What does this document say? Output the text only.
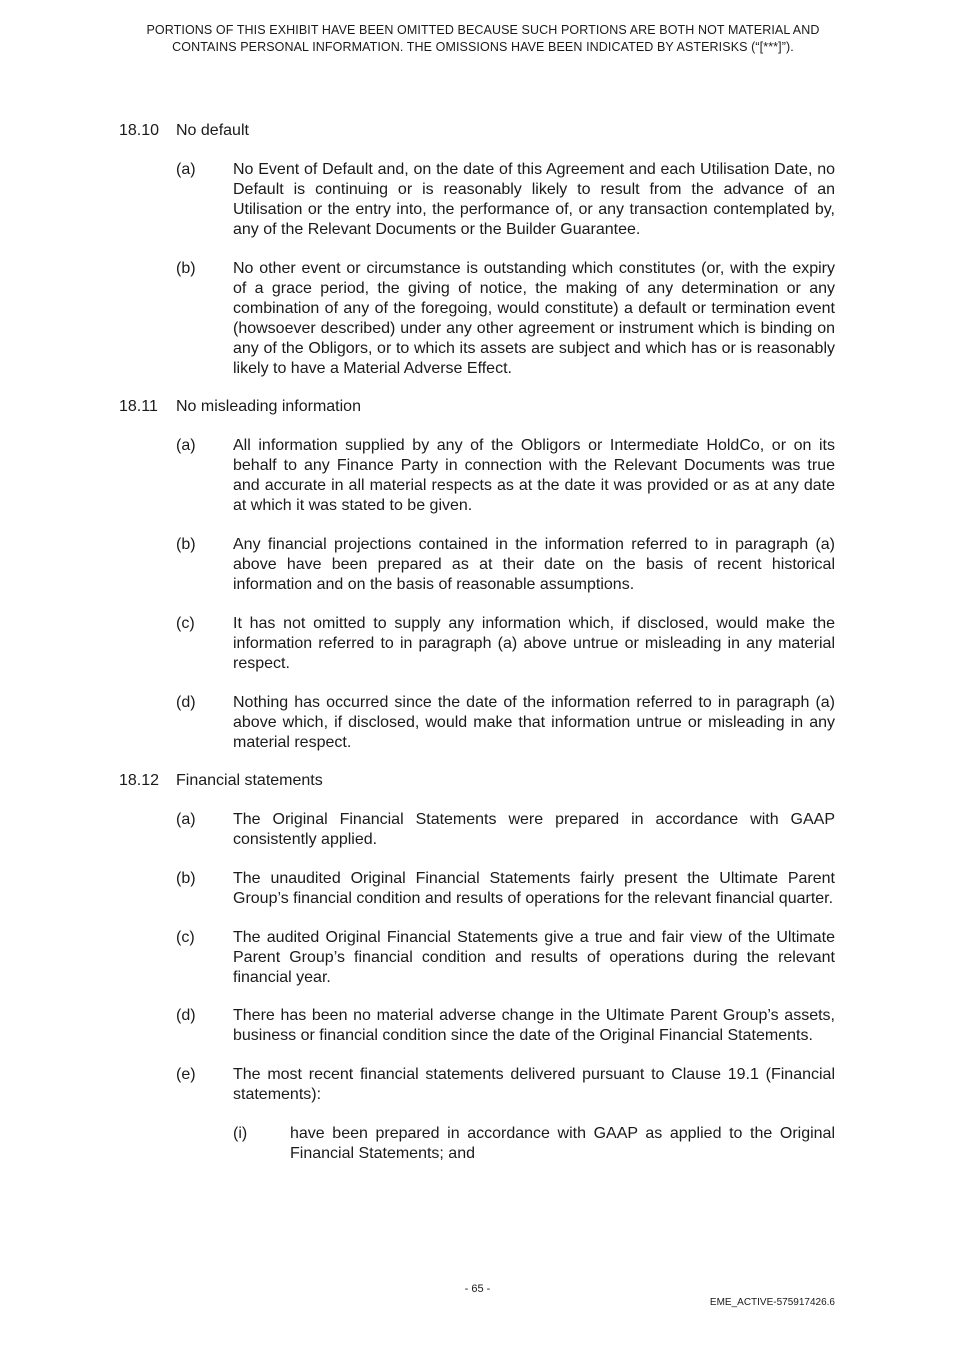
PORTIONS OF THIS EXHIBIT HAVE BEEN OMITTED BECAUSE SUCH PORTIONS ARE BOTH NOT MATERIAL AND
CONTAINS PERSONAL INFORMATION. THE OMISSIONS HAVE BEEN INDICATED BY ASTERISKS (“[***]”).
18.10 No default
(a) No Event of Default and, on the date of this Agreement and each Utilisation Date, no Default is continuing or is reasonably likely to result from the advance of an Utilisation or the entry into, the performance of, or any transaction contemplated by, any of the Relevant Documents or the Builder Guarantee.
(b) No other event or circumstance is outstanding which constitutes (or, with the expiry of a grace period, the giving of notice, the making of any determination or any combination of any of the foregoing, would constitute) a default or termination event (howsoever described) under any other agreement or instrument which is binding on any of the Obligors, or to which its assets are subject and which has or is reasonably likely to have a Material Adverse Effect.
18.11 No misleading information
(a) All information supplied by any of the Obligors or Intermediate HoldCo, or on its behalf to any Finance Party in connection with the Relevant Documents was true and accurate in all material respects as at the date it was provided or as at any date at which it was stated to be given.
(b) Any financial projections contained in the information referred to in paragraph (a) above have been prepared as at their date on the basis of recent historical information and on the basis of reasonable assumptions.
(c) It has not omitted to supply any information which, if disclosed, would make the information referred to in paragraph (a) above untrue or misleading in any material respect.
(d) Nothing has occurred since the date of the information referred to in paragraph (a) above which, if disclosed, would make that information untrue or misleading in any material respect.
18.12 Financial statements
(a) The Original Financial Statements were prepared in accordance with GAAP consistently applied.
(b) The unaudited Original Financial Statements fairly present the Ultimate Parent Group’s financial condition and results of operations for the relevant financial quarter.
(c) The audited Original Financial Statements give a true and fair view of the Ultimate Parent Group’s financial condition and results of operations during the relevant financial year.
(d) There has been no material adverse change in the Ultimate Parent Group’s assets, business or financial condition since the date of the Original Financial Statements.
(e) The most recent financial statements delivered pursuant to Clause 19.1 (Financial statements):
(i)	have been prepared in accordance with GAAP as applied to the Original Financial Statements; and
- 65 -
EME_ACTIVE-575917426.6
